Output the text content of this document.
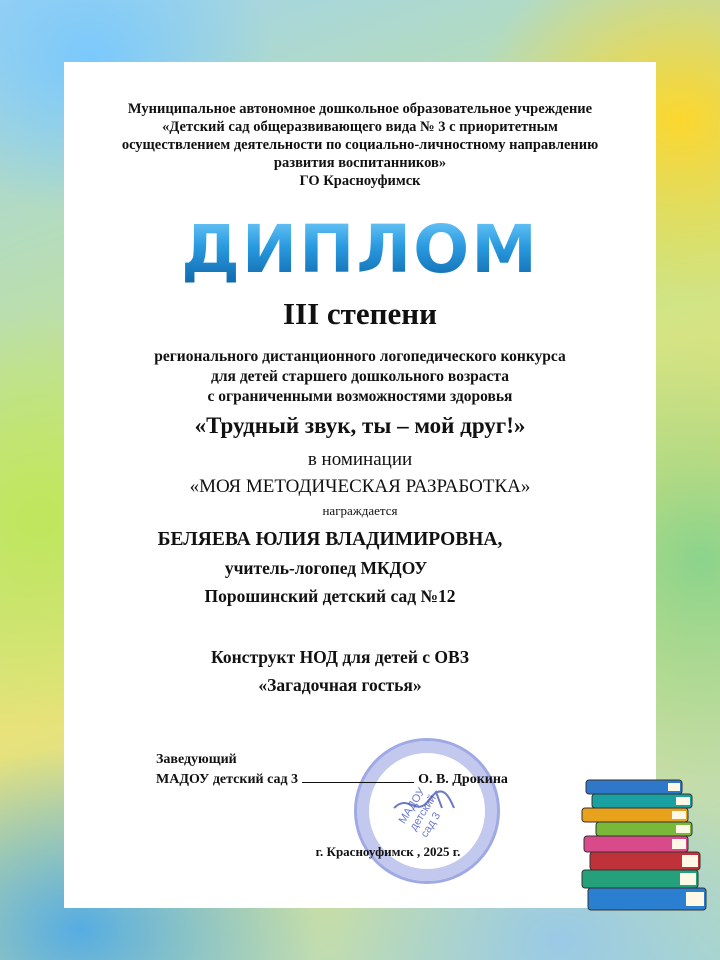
Муниципальное автономное дошкольное образовательное учреждение
«Детский сад общеразвивающего вида № 3 с приоритетным
осуществлением деятельности по социально-личностному направлению
развития воспитанников»
ГО Красноуфимск
ДИПЛОМ
III степени
регионального дистанционного логопедического конкурса
для детей старшего дошкольного возраста
с ограниченными возможностями здоровья
«Трудный звук, ты – мой друг!»
в номинации
«МОЯ МЕТОДИЧЕСКАЯ РАЗРАБОТКА»
награждается
БЕЛЯЕВА ЮЛИЯ ВЛАДИМИРОВНА,
учитель-логопед МКДОУ
Порошинский детский сад №12
Конструкт НОД для детей с ОВЗ
«Загадочная гостья»
МАДОУ детский сад 3
Заведующий
МАДОУ детский сад 3	О. В. Дрокина
г. Красноуфимск , 2025 г.
